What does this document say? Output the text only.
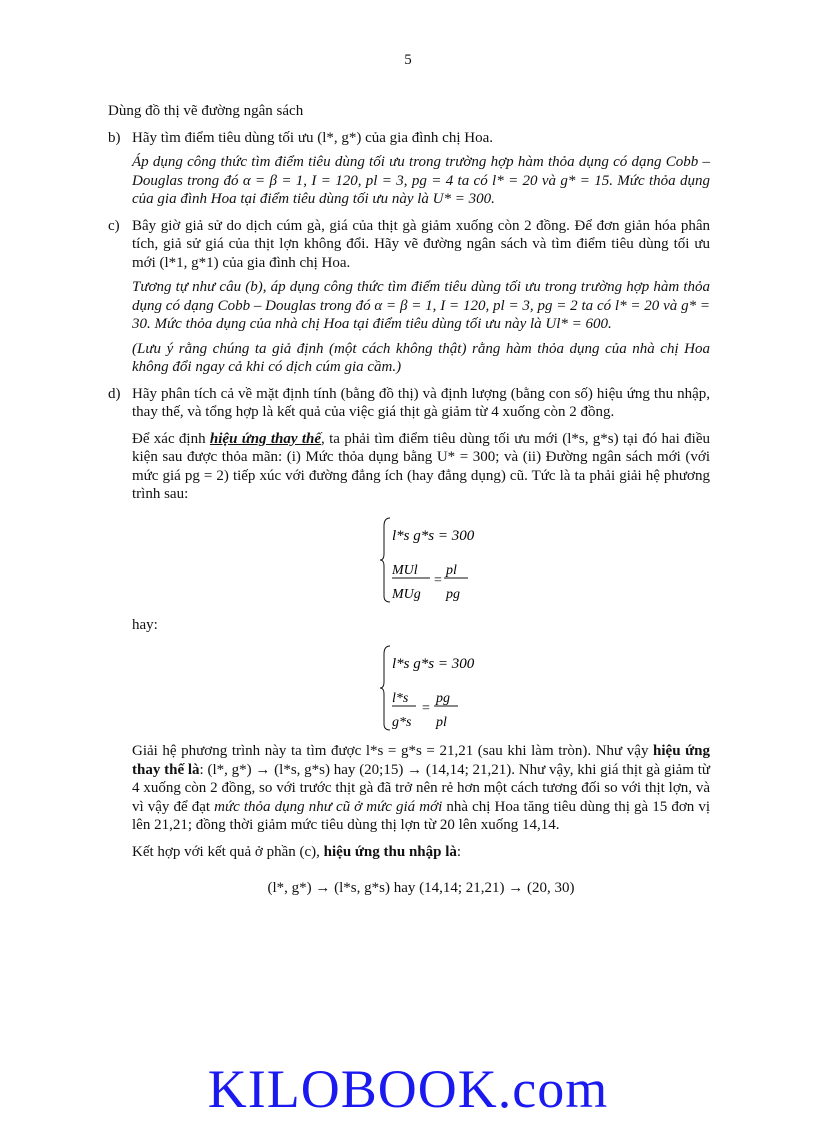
5

Dùng đồ thị vẽ đường ngân sách

b) Hãy tìm điểm tiêu dùng tối ưu (l*, g*) của gia đình chị Hoa.

Áp dụng công thức tìm điểm tiêu dùng tối ưu trong trường hợp hàm thỏa dụng có dạng Cobb – Douglas trong đó α = β = 1, I = 120, pl = 3, pg = 4 ta có l* = 20 và g* = 15. Mức thỏa dụng của gia đình Hoa tại điểm tiêu dùng tối ưu này là U* = 300.

c) Bây giờ giả sử do dịch cúm gà, giá của thịt gà giảm xuống còn 2 đồng. Để đơn giản hóa phân tích, giả sử giá của thịt lợn không đổi. Hãy vẽ đường ngân sách và tìm điểm tiêu dùng tối ưu mới (l*1, g*1) của gia đình chị Hoa.

Tương tự như câu (b), áp dụng công thức tìm điểm tiêu dùng tối ưu trong trường hợp hàm thỏa dụng có dạng Cobb – Douglas trong đó α = β = 1, I = 120, pl = 3, pg = 2 ta có l* = 20 và g* = 30. Mức thỏa dụng của nhà chị Hoa tại điểm tiêu dùng tối ưu này là Ul* = 600.

(Lưu ý rằng chúng ta giả định (một cách không thật) rằng hàm thỏa dụng của nhà chị Hoa không đổi ngay cả khi có dịch cúm gia cầm.)

d) Hãy phân tích cả về mặt định tính (bằng đồ thị) và định lượng (bằng con số) hiệu ứng thu nhập, thay thế, và tổng hợp là kết quả của việc giá thịt gà giảm từ 4 xuống còn 2 đồng.

Để xác định hiệu ứng thay thế, ta phải tìm điểm tiêu dùng tối ưu mới (l*s, g*s) tại đó hai điều kiện sau được thỏa mãn: (i) Mức thỏa dụng bằng U* = 300; và (ii) Đường ngân sách mới (với mức giá pg = 2) tiếp xúc với đường đẳng ích (hay đẳng dụng) cũ. Tức là ta phải giải hệ phương trình sau:

l*s g*s = 300
MUl
MUg
=
pl
pg

hay:

l*s g*s = 300
l*s
g*s
=
pg
pl

Giải hệ phương trình này ta tìm được l*s = g*s = 21,21 (sau khi làm tròn). Như vậy hiệu ứng thay thế là: (l*, g*) → (l*s, g*s) hay (20;15) → (14,14; 21,21). Như vậy, khi giá thịt gà giảm từ 4 xuống còn 2 đồng, so với trước thịt gà đã trở nên rẻ hơn một cách tương đối so với thịt lợn, và vì vậy để đạt mức thỏa dụng như cũ ở mức giá mới nhà chị Hoa tăng tiêu dùng thị gà 15 đơn vị lên 21,21; đồng thời giảm mức tiêu dùng thị lợn từ 20 lên xuống 14,14.

Kết hợp với kết quả ở phần (c), hiệu ứng thu nhập là:

(l*, g*) → (l*s, g*s) hay (14,14; 21,21) → (20, 30)

KILOBOOK.com
